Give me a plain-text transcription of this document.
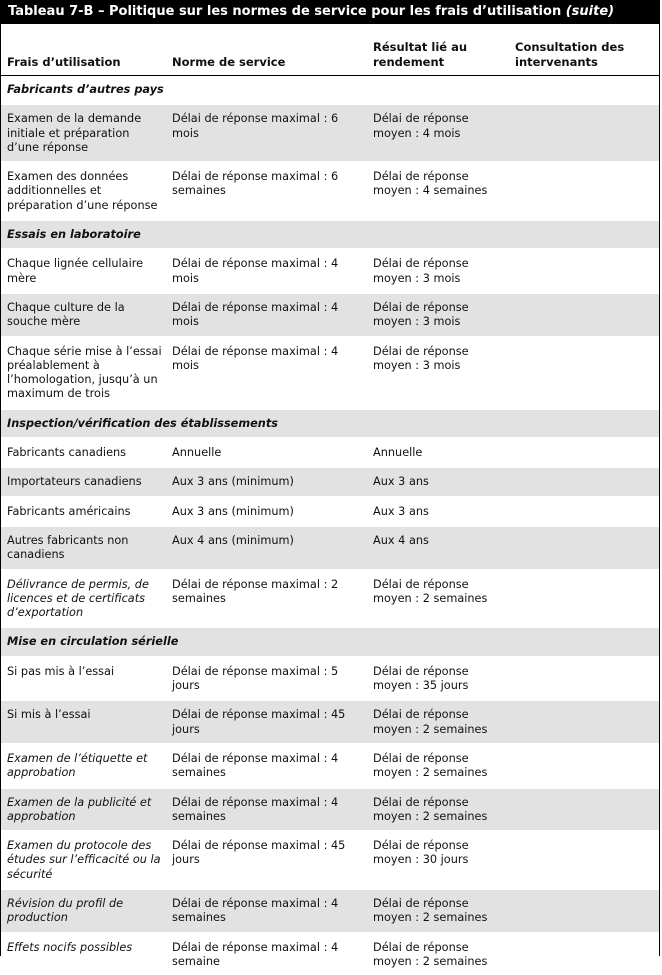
Tableau 7-B – Politique sur les normes de service pour les frais d’utilisation (suite)
Frais d’utilisation	Norme de service	Résultat lié au rendement	Consultation des intervenants
Fabricants d’autres pays			
Examen de la demande initiale et préparation d’une réponse	Délai de réponse maximal : 6 mois	Délai de réponse moyen : 4 mois	
Examen des données additionnelles et préparation d’une réponse	Délai de réponse maximal : 6 semaines	Délai de réponse moyen : 4 semaines	
Essais en laboratoire			
Chaque lignée cellulaire mère	Délai de réponse maximal : 4 mois	Délai de réponse moyen : 3 mois	
Chaque culture de la souche mère	Délai de réponse maximal : 4 mois	Délai de réponse moyen : 3 mois	
Chaque série mise à l’essai préalablement à l’homologation, jusqu’à un maximum de trois	Délai de réponse maximal : 4 mois	Délai de réponse moyen : 3 mois	
Inspection/vérification des établissements			
Fabricants canadiens	Annuelle	Annuelle	
Importateurs canadiens	Aux 3 ans (minimum)	Aux 3 ans	
Fabricants américains	Aux 3 ans (minimum)	Aux 3 ans	
Autres fabricants non canadiens	Aux 4 ans (minimum)	Aux 4 ans	
Délivrance de permis, de licences et de certificats d’exportation	Délai de réponse maximal : 2 semaines	Délai de réponse moyen : 2 semaines	
Mise en circulation sérielle			
Si pas mis à l’essai	Délai de réponse maximal : 5 jours	Délai de réponse moyen : 35 jours	
Si mis à l’essai	Délai de réponse maximal : 45 jours	Délai de réponse moyen : 2 semaines	
Examen de l’étiquette et approbation	Délai de réponse maximal : 4 semaines	Délai de réponse moyen : 2 semaines	
Examen de la publicité et approbation	Délai de réponse maximal : 4 semaines	Délai de réponse moyen : 2 semaines	
Examen du protocole des études sur l’efficacité ou la sécurité	Délai de réponse maximal : 45 jours	Délai de réponse moyen : 30 jours	
Révision du profil de production	Délai de réponse maximal : 4 semaines	Délai de réponse moyen : 2 semaines	
Effets nocifs possibles	Délai de réponse maximal : 4 semaine	Délai de réponse moyen : 2 semaines	
